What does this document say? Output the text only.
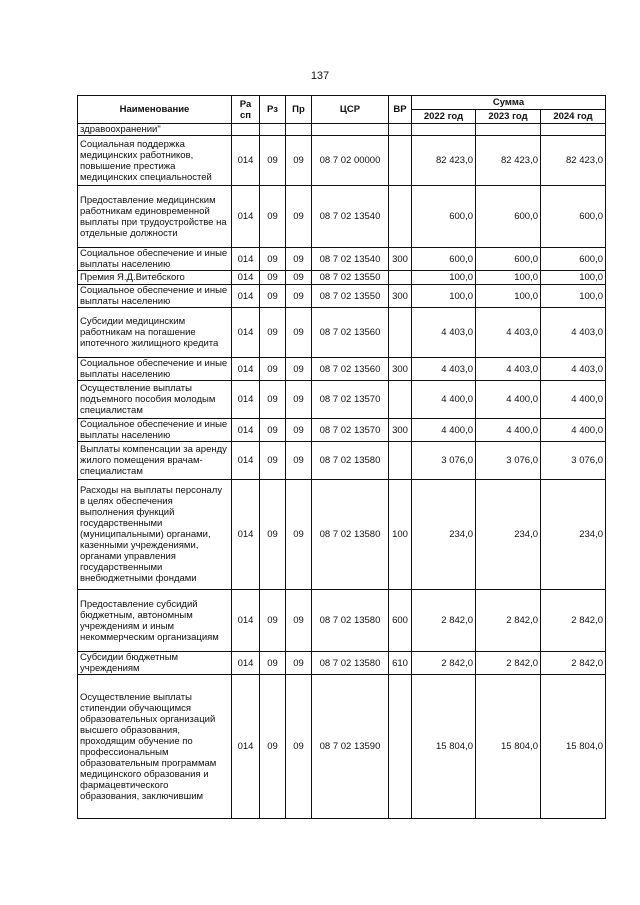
137
Наименование	Ра сп	Рз	Пр	ЦСР	ВР	Сумма		
						2022 год	2023 год	2024 год
здравоохранении"								
Социальная поддержка медицинских работников, повышение престижа медицинских специальностей	014	09	09	08 7 02 00000		82 423,0	82 423,0	82 423,0
Предоставление медицинским работникам единовременной выплаты при трудоустройстве на отдельные должности	014	09	09	08 7 02 13540		600,0	600,0	600,0
Социальное обеспечение и иные выплаты населению	014	09	09	08 7 02 13540	300	600,0	600,0	600,0
Премия Я.Д.Витебского	014	09	09	08 7 02 13550		100,0	100,0	100,0
Социальное обеспечение и иные выплаты населению	014	09	09	08 7 02 13550	300	100,0	100,0	100,0
Субсидии медицинским работникам на погашение ипотечного жилищного кредита	014	09	09	08 7 02 13560		4 403,0	4 403,0	4 403,0
Социальное обеспечение и иные выплаты населению	014	09	09	08 7 02 13560	300	4 403,0	4 403,0	4 403,0
Осуществление выплаты подъемного пособия молодым специалистам	014	09	09	08 7 02 13570		4 400,0	4 400,0	4 400,0
Социальное обеспечение и иные выплаты населению	014	09	09	08 7 02 13570	300	4 400,0	4 400,0	4 400,0
Выплаты компенсации за аренду жилого помещения врачам-специалистам	014	09	09	08 7 02 13580		3 076,0	3 076,0	3 076,0
Расходы на выплаты персоналу в целях обеспечения выполнения функций государственными (муниципальными) органами, казенными учреждениями, органами управления государственными внебюджетными фондами	014	09	09	08 7 02 13580	100	234,0	234,0	234,0
Предоставление субсидий бюджетным, автономным учреждениям и иным некоммерческим организациям	014	09	09	08 7 02 13580	600	2 842,0	2 842,0	2 842,0
Субсидии бюджетным учреждениям	014	09	09	08 7 02 13580	610	2 842,0	2 842,0	2 842,0
Осуществление выплаты стипендии обучающимся образовательных организаций высшего образования, проходящим обучение по профессиональным образовательным программам медицинского образования и фармацевтического образования, заключившим	014	09	09	08 7 02 13590		15 804,0	15 804,0	15 804,0
